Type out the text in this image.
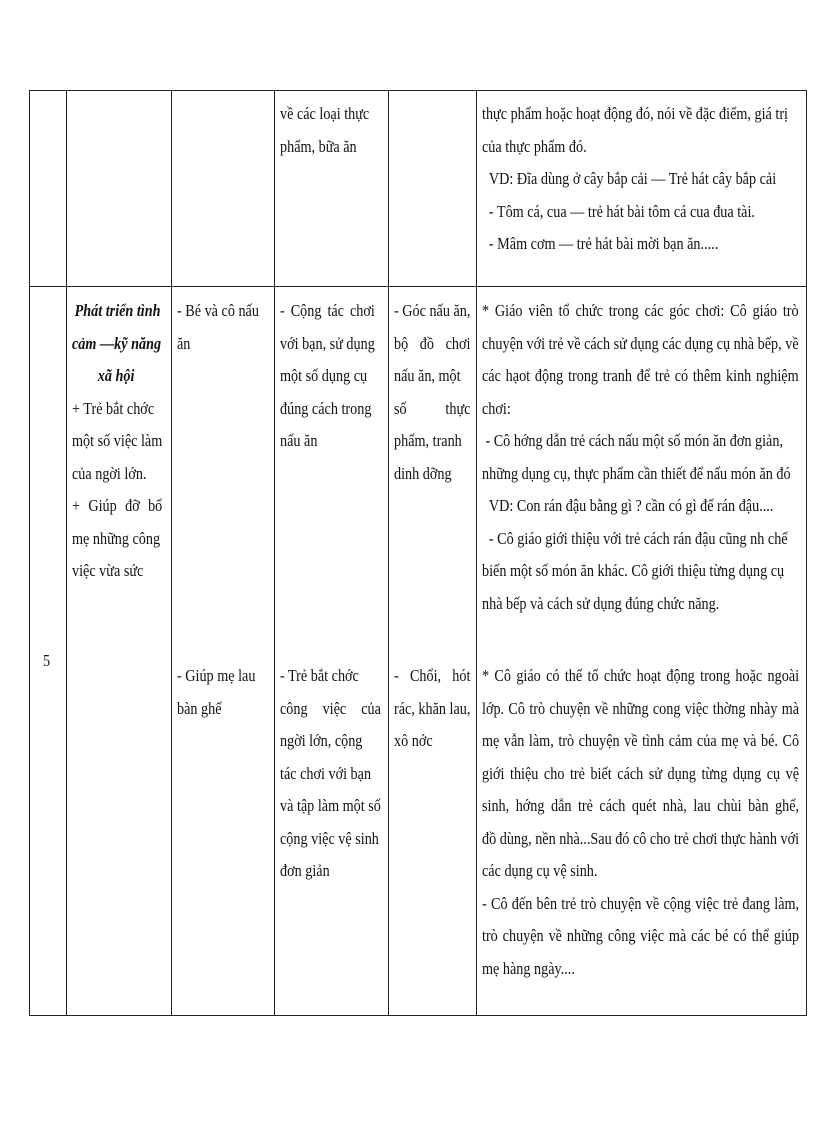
về các loại thực
phẩm, bữa ăn
thực phẩm hoặc hoạt động đó, nói về đặc điểm, giá trị
của thực phẩm đó.
VD: Đĩa dùng ở cây bắp cải — Trẻ hát cây bắp cải
- Tôm cá, cua — trẻ hát bài tôm cá cua đua tài.
- Mâm cơm — trẻ hát bài mời bạn ăn.....
5
Phát triển tình
cảm —kỹ năng
xã hội
+ Trẻ bắt chớc
một số việc làm
của ngời lớn.
+ Giúp đỡ bố
mẹ những công
việc vừa sức
- Bé và cô nấu
ăn
- Cộng tác chơi
với bạn, sử dụng
một số dụng cụ
đúng cách trong
nấu ăn
- Góc nấu ăn,
bộ đồ chơi
nấu ăn, một
số thực
phẩm, tranh
dinh dỡng
* Giáo viên tổ chức trong các góc chơi: Cô giáo trò
chuyện với trẻ về cách sử dụng các dụng cụ nhà bếp, về
các hạot động trong tranh để trẻ có thêm kinh nghiệm
chơi:
- Cô hớng dẫn trẻ cách nấu một số món ăn đơn giản,
những dụng cụ, thực phẩm cần thiết để nấu món ăn đó
VD: Con rán đậu bằng gì ? cần có gì để rán đậu....
- Cô giáo giới thiệu với trẻ cách rán đậu cũng nh chế
biến một số món ăn khác. Cô giới thiệu từng dụng cụ
nhà bếp và cách sử dụng đúng chức năng.
- Giúp mẹ lau
bàn ghế
- Trẻ bắt chớc
công việc của
ngời lớn, cộng
tác chơi với bạn
và tập làm một số
cộng việc vệ sinh
đơn giản
- Chổi, hót
rác, khăn lau,
xô nớc
* Cô giáo có thể tổ chức hoạt động trong hoặc ngoài
lớp. Cô trò chuyện về những cong việc thờng nhày mà
mẹ vẫn làm, trò chuyện về tình cảm của mẹ và bé. Cô
giới thiệu cho trẻ biết cách sử dụng từng dụng cụ vệ
sinh, hớng dẫn trẻ cách quét nhà, lau chùi bàn ghế,
đồ dùng, nền nhà...Sau đó cô cho trẻ chơi thực hành với
các dụng cụ vệ sinh.
- Cô đến bên trẻ trò chuyện về cộng việc trẻ đang làm,
trò chuyện về những công việc mà các bé có thể giúp
mẹ hàng ngày....
